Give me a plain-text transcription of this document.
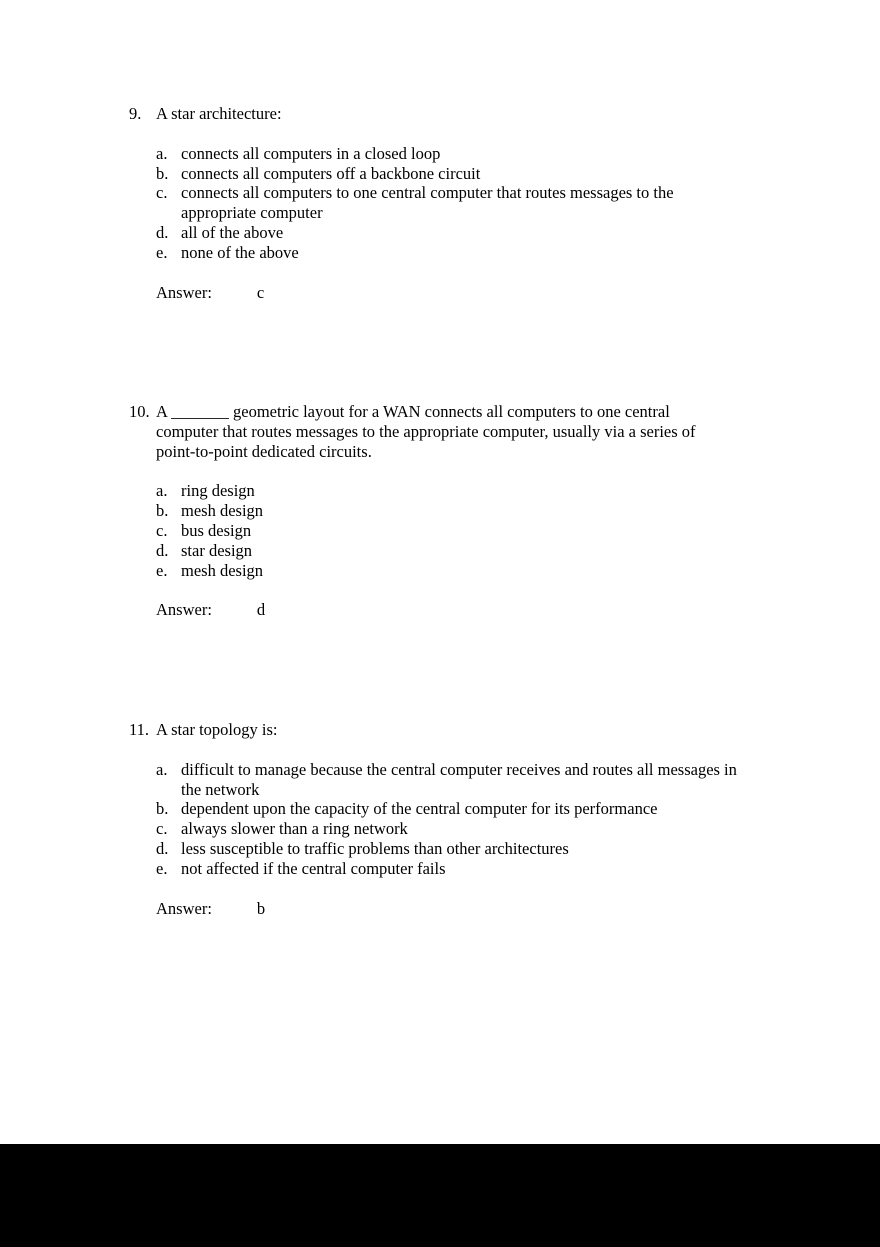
9. A star architecture:
a. connects all computers in a closed loop
b. connects all computers off a backbone circuit
c. connects all computers to one central computer that routes messages to the appropriate computer
d. all of the above
e. none of the above
Answer:	c
10. A _______ geometric layout for a WAN connects all computers to one central computer that routes messages to the appropriate computer, usually via a series of point-to-point dedicated circuits.
a. ring design
b. mesh design
c. bus design
d. star design
e. mesh design
Answer:	d
11. A star topology is:
a. difficult to manage because the central computer receives and routes all messages in the network
b. dependent upon the capacity of the central computer for its performance
c. always slower than a ring network
d. less susceptible to traffic problems than other architectures
e. not affected if the central computer fails
Answer:	b
